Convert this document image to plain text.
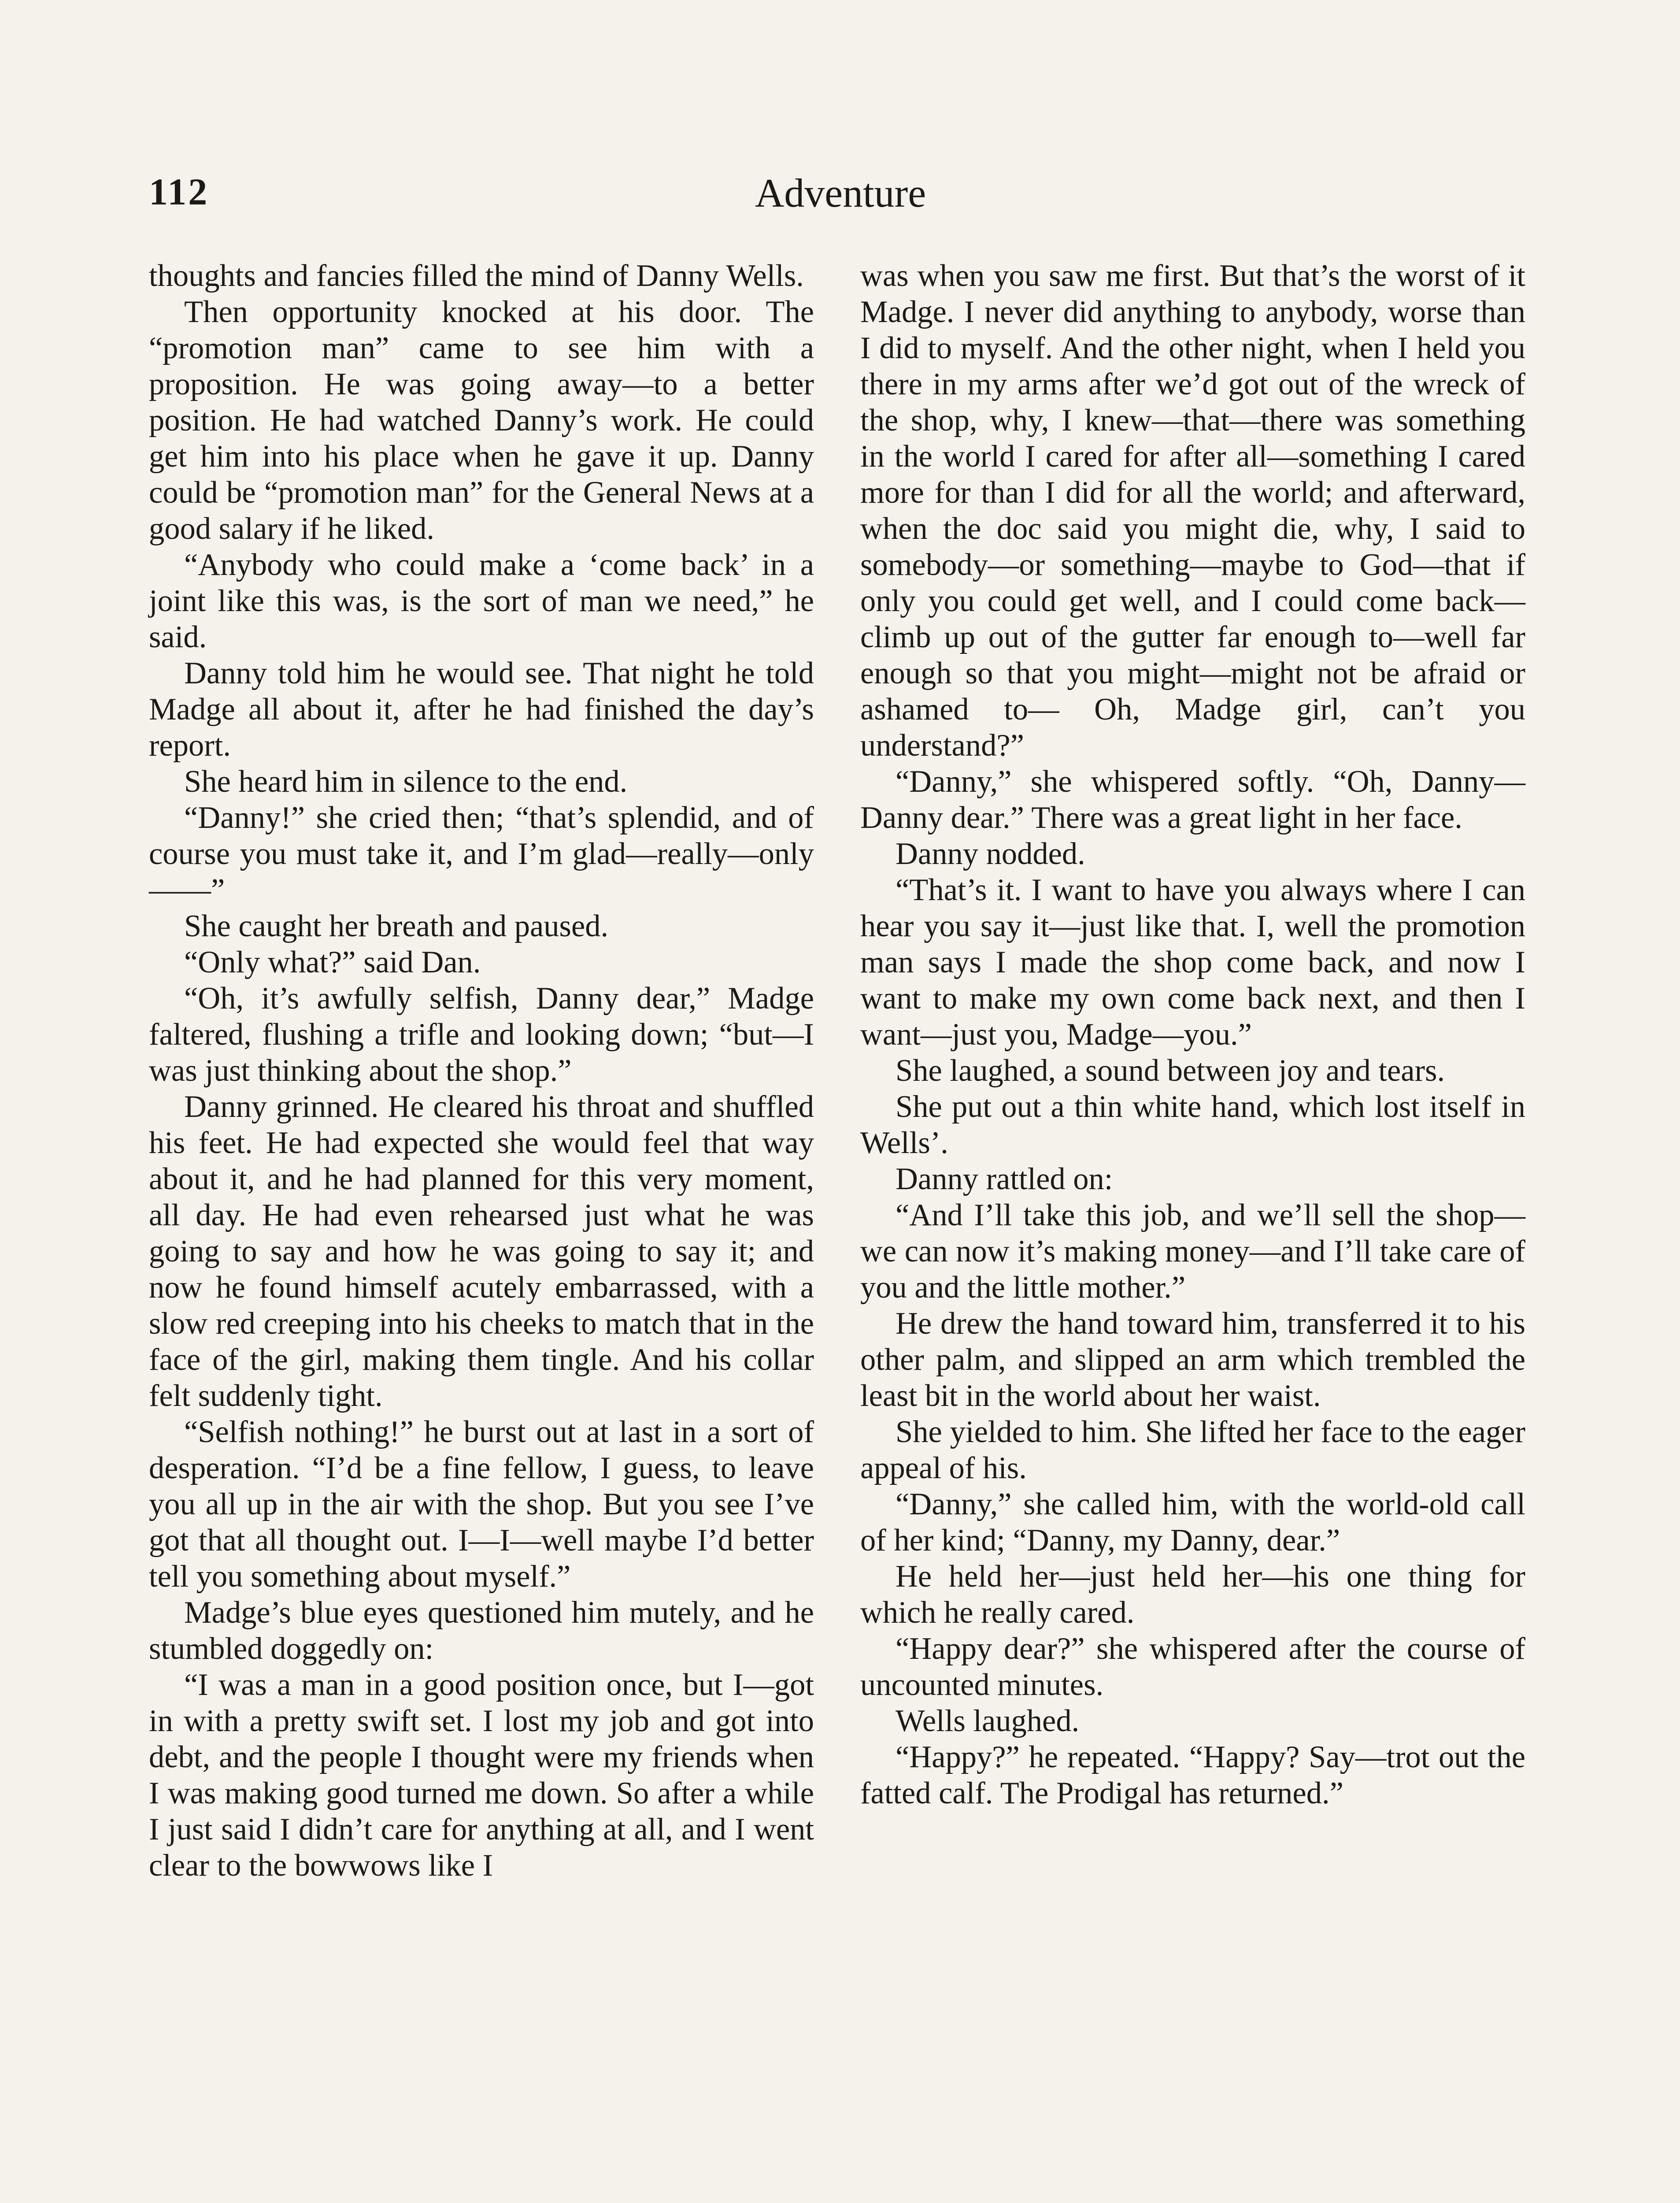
112	Adventure

thoughts and fancies filled the mind of Danny Wells.

Then opportunity knocked at his door. The “promotion man” came to see him with a proposition. He was going away—to a better position. He had watched Danny’s work. He could get him into his place when he gave it up. Danny could be “promotion man” for the General News at a good salary if he liked.

“Anybody who could make a ‘come back’ in a joint like this was, is the sort of man we need,” he said.

Danny told him he would see. That night he told Madge all about it, after he had finished the day’s report.

She heard him in silence to the end.

“Danny!” she cried then; “that’s splendid, and of course you must take it, and I’m glad—really—only——”

She caught her breath and paused.

“Only what?” said Dan.

“Oh, it’s awfully selfish, Danny dear,” Madge faltered, flushing a trifle and looking down; “but—I was just thinking about the shop.”

Danny grinned. He cleared his throat and shuffled his feet. He had expected she would feel that way about it, and he had planned for this very moment, all day. He had even rehearsed just what he was going to say and how he was going to say it; and now he found himself acutely embarrassed, with a slow red creeping into his cheeks to match that in the face of the girl, making them tingle. And his collar felt suddenly tight.

“Selfish nothing!” he burst out at last in a sort of desperation. “I’d be a fine fellow, I guess, to leave you all up in the air with the shop. But you see I’ve got that all thought out. I—I—well maybe I’d better tell you something about myself.”

Madge’s blue eyes questioned him mutely, and he stumbled doggedly on:

“I was a man in a good position once, but I—got in with a pretty swift set. I lost my job and got into debt, and the people I thought were my friends when I was making good turned me down. So after a while I just said I didn’t care for anything at all, and I went clear to the bowwows like I

was when you saw me first. But that’s the worst of it Madge. I never did anything to anybody, worse than I did to myself. And the other night, when I held you there in my arms after we’d got out of the wreck of the shop, why, I knew—that—there was something in the world I cared for after all—something I cared more for than I did for all the world; and afterward, when the doc said you might die, why, I said to somebody—or something—maybe to God—that if only you could get well, and I could come back—climb up out of the gutter far enough to—well far enough so that you might—might not be afraid or ashamed to— Oh, Madge girl, can’t you understand?”

“Danny,” she whispered softly. “Oh, Danny—Danny dear.” There was a great light in her face.

Danny nodded.

“That’s it. I want to have you always where I can hear you say it—just like that. I, well the promotion man says I made the shop come back, and now I want to make my own come back next, and then I want—just you, Madge—you.”

She laughed, a sound between joy and tears.

She put out a thin white hand, which lost itself in Wells’.

Danny rattled on:

“And I’ll take this job, and we’ll sell the shop—we can now it’s making money—and I’ll take care of you and the little mother.”

He drew the hand toward him, transferred it to his other palm, and slipped an arm which trembled the least bit in the world about her waist.

She yielded to him. She lifted her face to the eager appeal of his.

“Danny,” she called him, with the world-old call of her kind; “Danny, my Danny, dear.”

He held her—just held her—his one thing for which he really cared.

“Happy dear?” she whispered after the course of uncounted minutes.

Wells laughed.

“Happy?” he repeated. “Happy? Say—trot out the fatted calf. The Prodigal has returned.”
